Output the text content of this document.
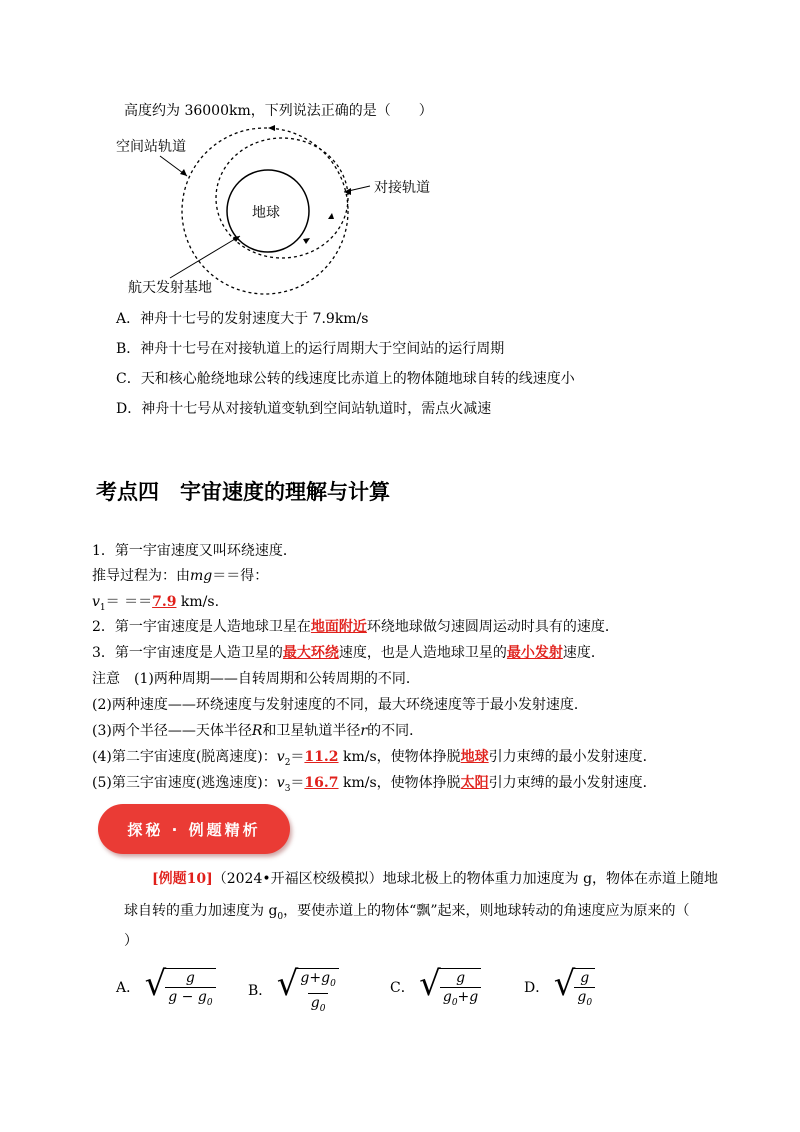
高度约为 36000km，下列说法正确的是（　　）
空间站轨道
对接轨道
地球
航天发射基地
A．神舟十七号的发射速度大于 7.9km/s
B．神舟十七号在对接轨道上的运行周期大于空间站的运行周期
C．天和核心舱绕地球公转的线速度比赤道上的物体随地球自转的线速度小
D．神舟十七号从对接轨道变轨到空间站轨道时，需点火减速
考点四　宇宙速度的理解与计算
1．第一宇宙速度又叫环绕速度．
推导过程为：由mg＝＝得：
$v_1= ==7.9$ km/s.
2．第一宇宙速度是人造地球卫星在地面附近环绕地球做匀速圆周运动时具有的速度．
3．第一宇宙速度是人造卫星的最大环绕速度，也是人造地球卫星的最小发射速度．
注意　(1)两种周期——自转周期和公转周期的不同．
(2)两种速度——环绕速度与发射速度的不同，最大环绕速度等于最小发射速度．
(3)两个半径——天体半径R和卫星轨道半径r的不同．
(4)第二宇宙速度(脱离速度)：$v_2=11.2$ km/s，使物体挣脱地球引力束缚的最小发射速度．
(5)第三宇宙速度(逃逸速度)：$v_3=16.7$ km/s，使物体挣脱太阳引力束缚的最小发射速度．
探秘 · 例题精析
[例题10]（2024•开福区校级模拟）地球北极上的物体重力加速度为 g，物体在赤道上随地
球自转的重力加速度为 $g_0$，要使赤道上的物体“飘”起来，则地球转动的角速度应为原来的（
）
A． √ $\frac{g}{g - g_0}$ B． √ $\frac{g+g_0}{g_0}$	C． √ $\frac{g}{g_0+g}$	D． √ $\frac{g}{g_0}$
